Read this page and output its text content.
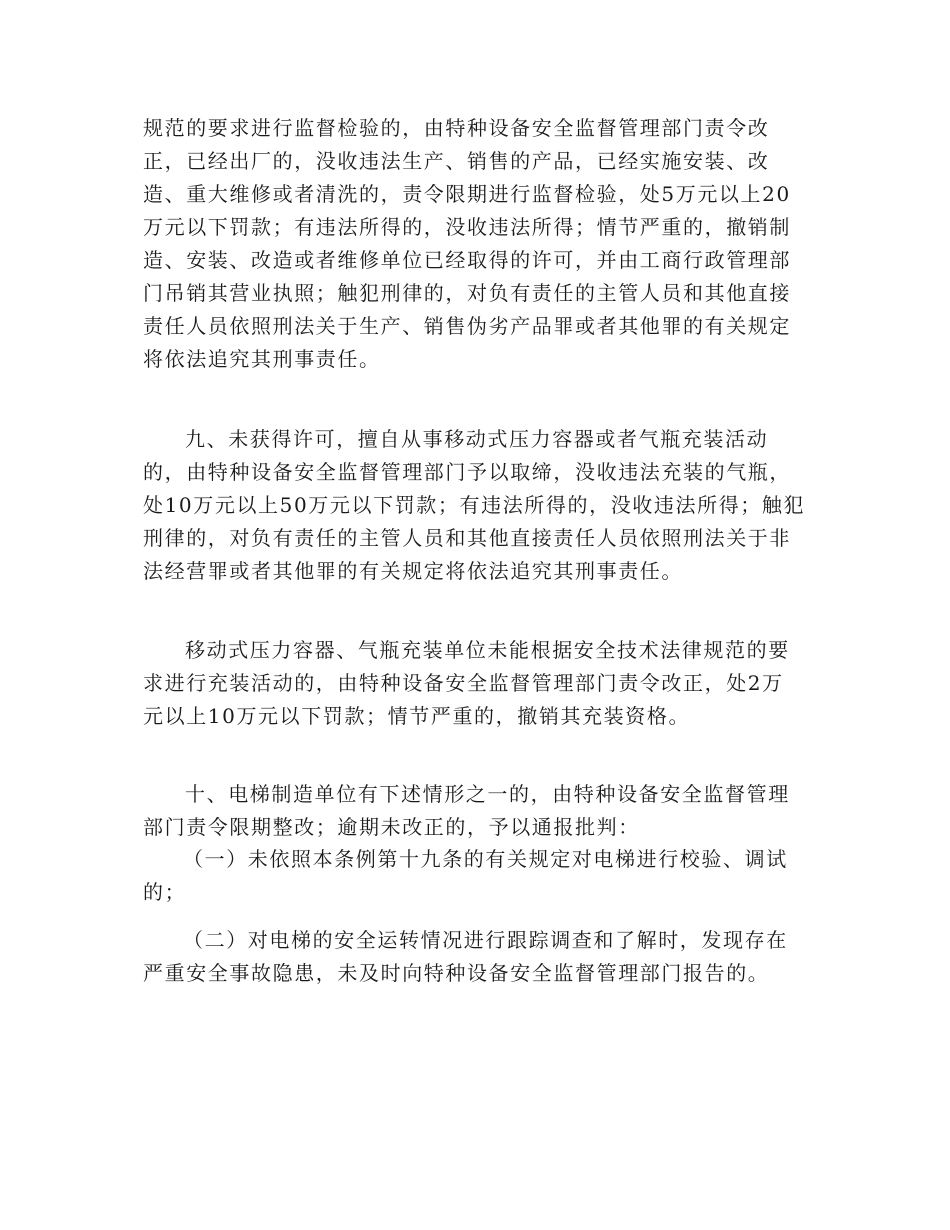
规范的要求进行监督检验的，由特种设备安全监督管理部门责令改
正，已经出厂的，没收违法生产、销售的产品，已经实施安装、改
造、重大维修或者清洗的，责令限期进行监督检验，处5万元以上20
万元以下罚款；有违法所得的，没收违法所得；情节严重的，撤销制
造、安装、改造或者维修单位已经取得的许可，并由工商行政管理部
门吊销其营业执照；触犯刑律的，对负有责任的主管人员和其他直接
责任人员依照刑法关于生产、销售伪劣产品罪或者其他罪的有关规定
将依法追究其刑事责任。
九、未获得许可，擅自从事移动式压力容器或者气瓶充装活动
的，由特种设备安全监督管理部门予以取缔，没收违法充装的气瓶，
处10万元以上50万元以下罚款；有违法所得的，没收违法所得；触犯
刑律的，对负有责任的主管人员和其他直接责任人员依照刑法关于非
法经营罪或者其他罪的有关规定将依法追究其刑事责任。
移动式压力容器、气瓶充装单位未能根据安全技术法律规范的要
求进行充装活动的，由特种设备安全监督管理部门责令改正，处2万
元以上10万元以下罚款；情节严重的，撤销其充装资格。
十、电梯制造单位有下述情形之一的，由特种设备安全监督管理
部门责令限期整改；逾期未改正的，予以通报批判：
（一）未依照本条例第十九条的有关规定对电梯进行校验、调试
的；
（二）对电梯的安全运转情况进行跟踪调查和了解时，发现存在
严重安全事故隐患，未及时向特种设备安全监督管理部门报告的。
